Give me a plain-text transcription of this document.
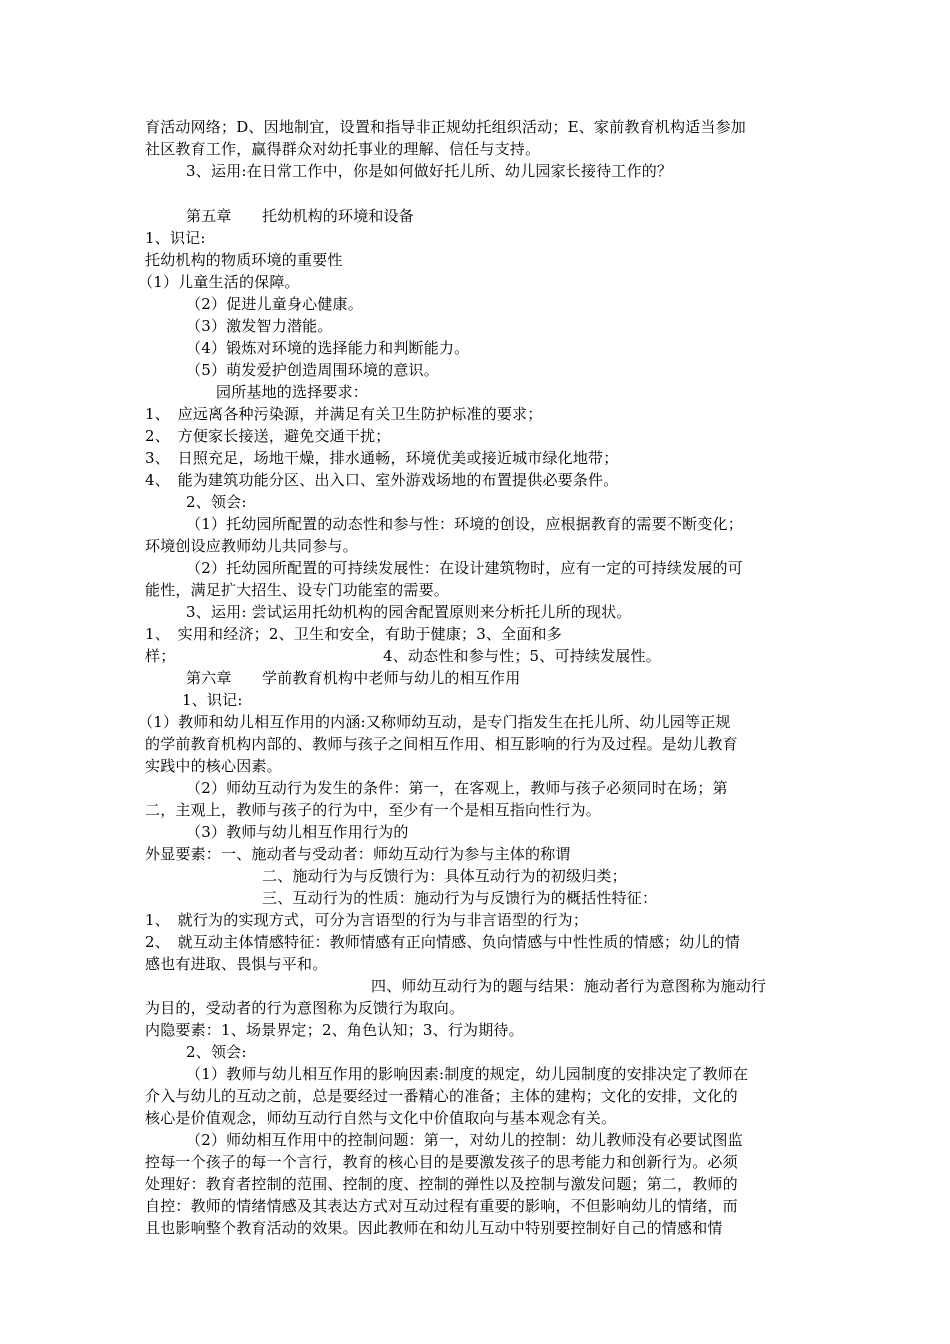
育活动网络；D、因地制宜，设置和指导非正规幼托组织活动；E、家前教育机构适当参加
社区教育工作，赢得群众对幼托事业的理解、信任与支持。
3、运用:在日常工作中，你是如何做好托儿所、幼儿园家长接待工作的？
第五章　　托幼机构的环境和设备
1、识记:
托幼机构的物质环境的重要性
（1）儿童生活的保障。
（2）促进儿童身心健康。
（3）激发智力潜能。
（4）锻炼对环境的选择能力和判断能力。
（5）萌发爱护创造周围环境的意识。
园所基地的选择要求：
1、　应远离各种污染源，并满足有关卫生防护标准的要求；
2、　方便家长接送，避免交通干扰；
3、　日照充足，场地干燥，排水通畅，环境优美或接近城市绿化地带；
4、　能为建筑功能分区、出入口、室外游戏场地的布置提供必要条件。
2、领会:
（1）托幼园所配置的动态性和参与性：环境的创设，应根据教育的需要不断变化；
环境创设应教师幼儿共同参与。
（2）托幼园所配置的可持续发展性：在设计建筑物时，应有一定的可持续发展的可
能性，满足扩大招生、设专门功能室的需要。
3、运用: 尝试运用托幼机构的园舍配置原则来分析托儿所的现状。
1、　实用和经济；2、卫生和安全，有助于健康；3、全面和多
样；	4、动态性和参与性；5、可持续发展性。
第六章　　学前教育机构中老师与幼儿的相互作用
1、识记:
（1）教师和幼儿相互作用的内涵:又称师幼互动，是专门指发生在托儿所、幼儿园等正规
的学前教育机构内部的、教师与孩子之间相互作用、相互影响的行为及过程。是幼儿教育
实践中的核心因素。
（2）师幼互动行为发生的条件：第一，在客观上，教师与孩子必须同时在场；第
二，主观上，教师与孩子的行为中，至少有一个是相互指向性行为。
（3）教师与幼儿相互作用行为的
外显要素：一、施动者与受动者：师幼互动行为参与主体的称谓
二、施动行为与反馈行为：具体互动行为的初级归类；
三、互动行为的性质：施动行为与反馈行为的概括性特征：
1、　就行为的实现方式，可分为言语型的行为与非言语型的行为；
2、　就互动主体情感特征：教师情感有正向情感、负向情感与中性性质的情感；幼儿的情
感也有进取、畏惧与平和。
四、师幼互动行为的题与结果：施动者行为意图称为施动行
为目的，受动者的行为意图称为反馈行为取向。
内隐要素：1、场景界定；2、角色认知；3、行为期待。
2、领会:
（1）教师与幼儿相互作用的影响因素:制度的规定，幼儿园制度的安排决定了教师在
介入与幼儿的互动之前，总是要经过一番精心的准备；主体的建构；文化的安排，文化的
核心是价值观念，师幼互动行自然与文化中价值取向与基本观念有关。
（2）师幼相互作用中的控制问题：第一，对幼儿的控制：幼儿教师没有必要试图监
控每一个孩子的每一个言行，教育的核心目的是要激发孩子的思考能力和创新行为。必须
处理好：教育者控制的范围、控制的度、控制的弹性以及控制与激发问题；第二，教师的
自控：教师的情绪情感及其表达方式对互动过程有重要的影响，不但影响幼儿的情绪，而
且也影响整个教育活动的效果。因此教师在和幼儿互动中特别要控制好自己的情感和情
